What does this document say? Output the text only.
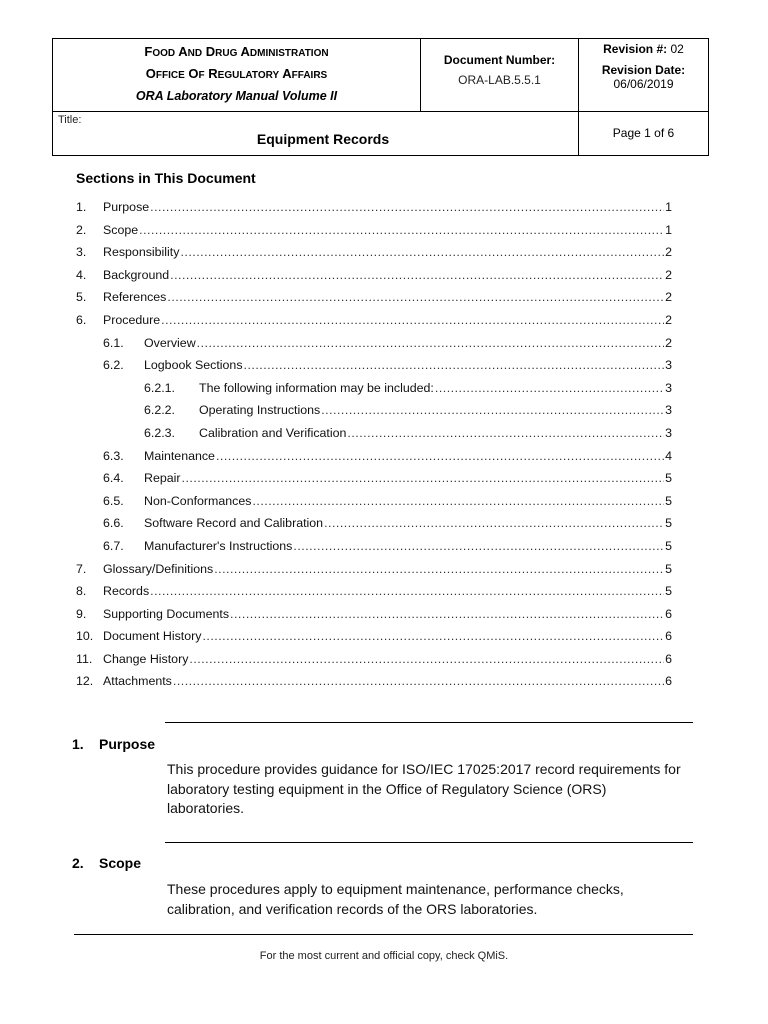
FOOD AND DRUG ADMINISTRATION
OFFICE OF REGULATORY AFFAIRS
ORA Laboratory Manual Volume II
Document Number:
ORA-LAB.5.5.1
Revision #: 02
Revision Date:
06/06/2019
Title:
Equipment Records	Page 1 of 6
Sections in This Document
1.	Purpose .....	1
2.	Scope .....	1
3.	Responsibility .....	2
4.	Background .....	2
5.	References .....	2
6.	Procedure .....	2
6.1.	Overview .....	2
6.2.	Logbook Sections .....	3
6.2.1.	The following information may be included: .....	3
6.2.2.	Operating Instructions .....	3
6.2.3.	Calibration and Verification .....	3
6.3.	Maintenance .....	4
6.4.	Repair .....	5
6.5.	Non-Conformances .....	5
6.6.	Software Record and Calibration .....	5
6.7.	Manufacturer's Instructions .....	5
7.	Glossary/Definitions .....	5
8.	Records .....	5
9.	Supporting Documents .....	6
10. Document History .....	6
11. Change History .....	6
12. Attachments .....	6
1. Purpose
This procedure provides guidance for ISO/IEC 17025:2017 record requirements for laboratory testing equipment in the Office of Regulatory Science (ORS) laboratories.
2. Scope
These procedures apply to equipment maintenance, performance checks, calibration, and verification records of the ORS laboratories.
For the most current and official copy, check QMiS.
